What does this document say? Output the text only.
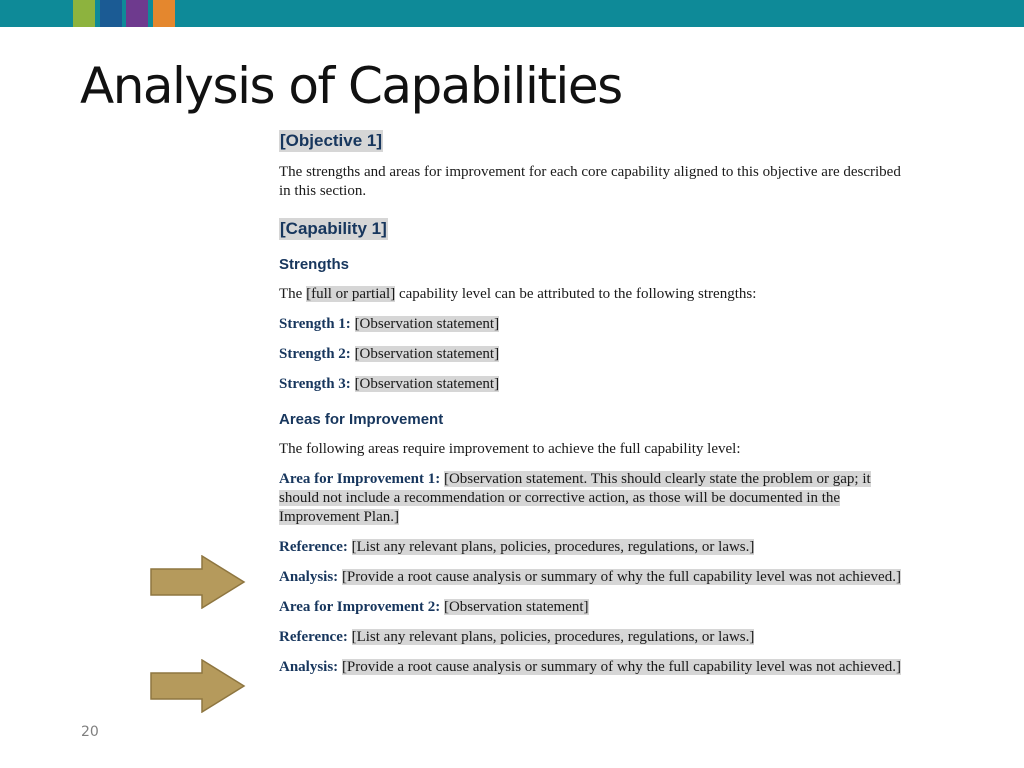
Analysis of Capabilities
[Objective 1]

The strengths and areas for improvement for each core capability aligned to this objective are described in this section.

[Capability 1]
Strengths

The [full or partial] capability level can be attributed to the following strengths:

Strength 1: [Observation statement]

Strength 2: [Observation statement]

Strength 3: [Observation statement]

Areas for Improvement

The following areas require improvement to achieve the full capability level:

Area for Improvement 1: [Observation statement. This should clearly state the problem or gap; it should not include a recommendation or corrective action, as those will be documented in the Improvement Plan.]

Reference: [List any relevant plans, policies, procedures, regulations, or laws.]

Analysis: [Provide a root cause analysis or summary of why the full capability level was not achieved.]

Area for Improvement 2: [Observation statement]

Reference: [List any relevant plans, policies, procedures, regulations, or laws.]

Analysis: [Provide a root cause analysis or summary of why the full capability level was not achieved.]

20
